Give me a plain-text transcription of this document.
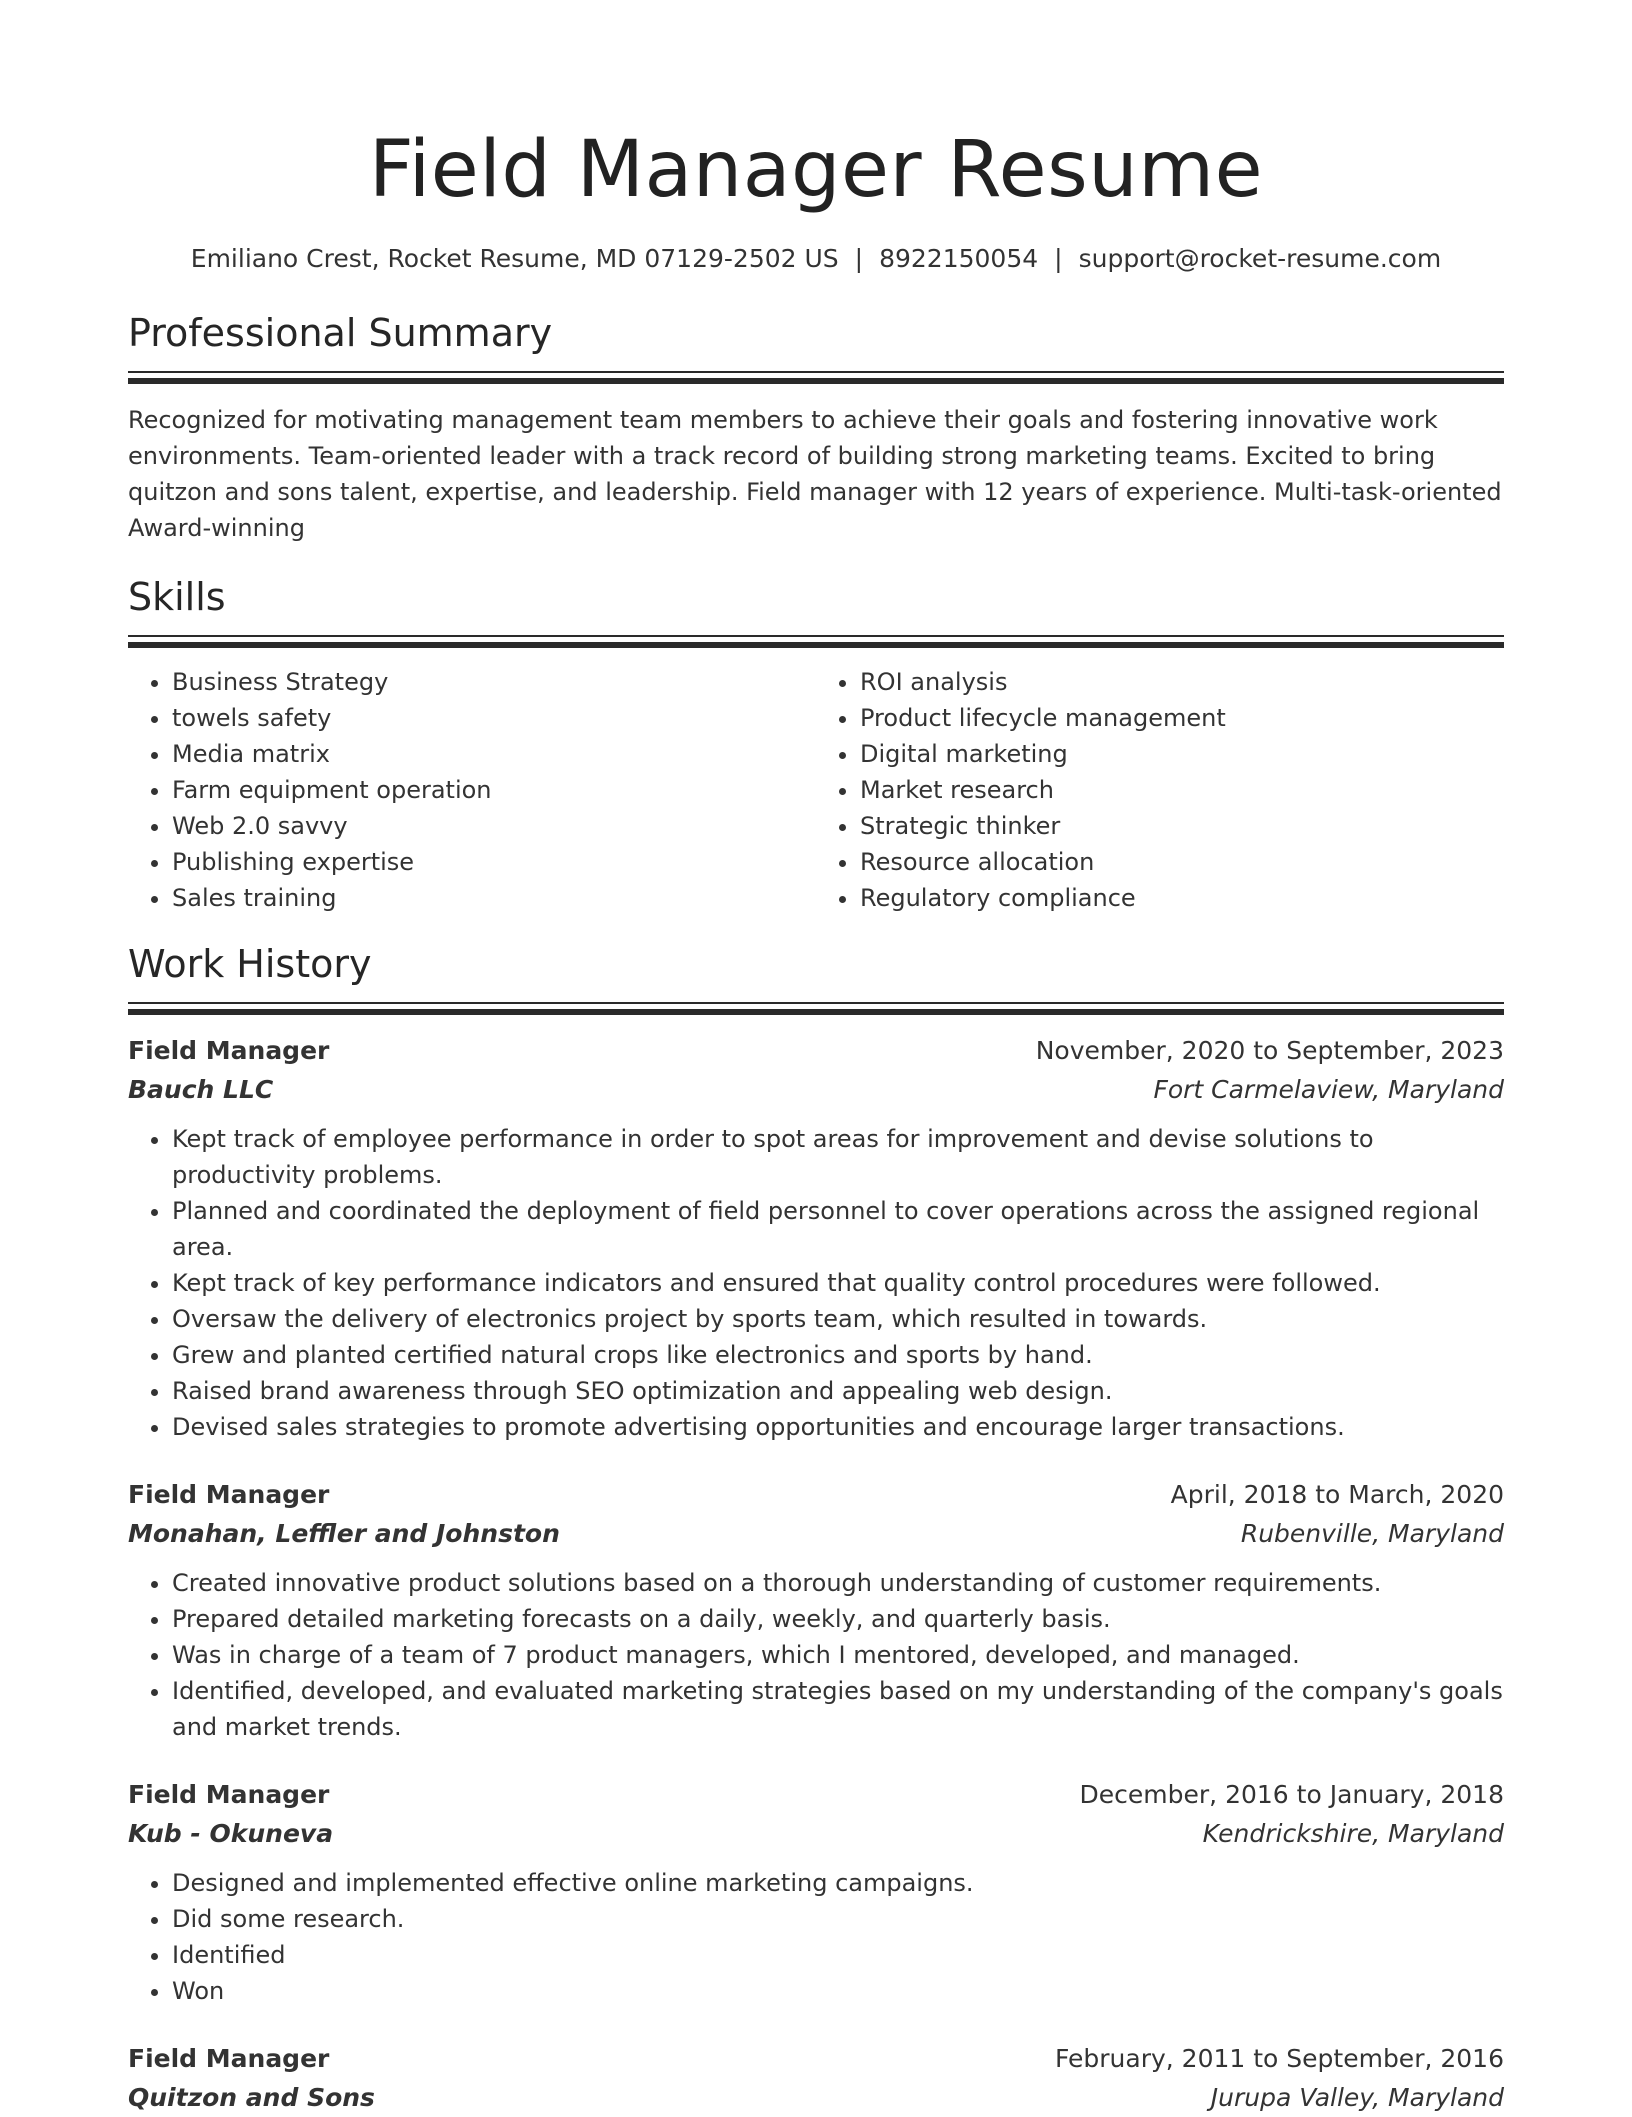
Field Manager Resume
Emiliano Crest, Rocket Resume, MD 07129-2502 US | 8922150054 | support@rocket-resume.com
Professional Summary

Recognized for motivating management team members to achieve their goals and fostering innovative work environments. Team-oriented leader with a track record of building strong marketing teams. Excited to bring quitzon and sons talent, expertise, and leadership. Field manager with 12 years of experience. Multi-task-oriented Award-winning

Skills
• Business Strategy
• towels safety
• Media matrix
• Farm equipment operation
• Web 2.0 savvy
• Publishing expertise
• Sales training
• ROI analysis
• Product lifecycle management
• Digital marketing
• Market research
• Strategic thinker
• Resource allocation
• Regulatory compliance
Work History
Field Manager	November, 2020 to September, 2023
Bauch LLC	Fort Carmelaview, Maryland
• Kept track of employee performance in order to spot areas for improvement and devise solutions to productivity problems.
• Planned and coordinated the deployment of field personnel to cover operations across the assigned regional area.
• Kept track of key performance indicators and ensured that quality control procedures were followed.
• Oversaw the delivery of electronics project by sports team, which resulted in towards.
• Grew and planted certified natural crops like electronics and sports by hand.
• Raised brand awareness through SEO optimization and appealing web design.
• Devised sales strategies to promote advertising opportunities and encourage larger transactions.
Field Manager	April, 2018 to March, 2020
Monahan, Leffler and Johnston	Rubenville, Maryland
• Created innovative product solutions based on a thorough understanding of customer requirements.
• Prepared detailed marketing forecasts on a daily, weekly, and quarterly basis.
• Was in charge of a team of 7 product managers, which I mentored, developed, and managed.
• Identified, developed, and evaluated marketing strategies based on my understanding of the company's goals and market trends.
Field Manager	December, 2016 to January, 2018
Kub - Okuneva	Kendrickshire, Maryland
• Designed and implemented effective online marketing campaigns.
• Did some research.
• Identified
• Won
Field Manager	February, 2011 to September, 2016
Quitzon and Sons	Jurupa Valley, Maryland
